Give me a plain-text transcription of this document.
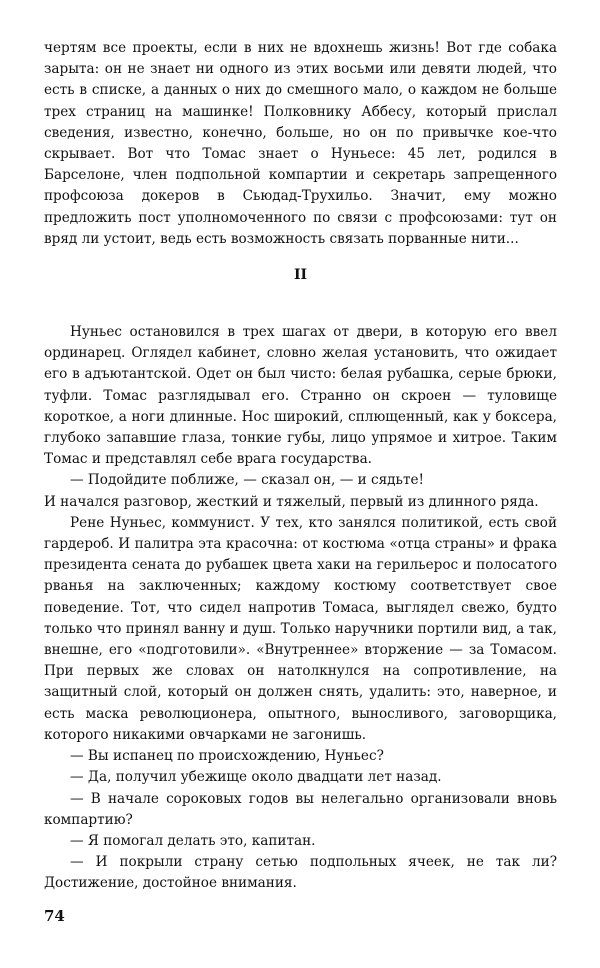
чертям все проекты, если в них не вдохнешь жизнь! Вот где собака зарыта: он не знает ни одного из этих восьми или девяти людей, что есть в списке, а данных о них до смешного мало, о каждом не больше трех страниц на машинке! Полковнику Аббесу, который прислал сведения, известно, конечно, больше, но он по привычке кое-что скрывает. Вот что Томас знает о Нуньесе: 45 лет, родился в Барселоне, член подпольной компартии и секретарь запрещенного профсоюза докеров в Сьюдад-Трухильо. Значит, ему можно предложить пост уполномоченного по связи с профсоюзами: тут он вряд ли устоит, ведь есть возможность связать порванные нити...

II

Нуньес остановился в трех шагах от двери, в которую его ввел ординарец. Оглядел кабинет, словно желая установить, что ожидает его в адъютантской. Одет он был чисто: белая рубашка, серые брюки, туфли. Томас разглядывал его. Странно он скроен — туловище короткое, а ноги длинные. Нос широкий, сплющенный, как у боксера, глубоко запавшие глаза, тонкие губы, лицо упрямое и хитрое. Таким Томас и представлял себе врага государства.

— Подойдите поближе, — сказал он, — и сядьте!

И начался разговор, жесткий и тяжелый, первый из длинного ряда.

Рене Нуньес, коммунист. У тех, кто занялся политикой, есть свой гардероб. И палитра эта красочна: от костюма «отца страны» и фрака президента сената до рубашек цвета хаки на герильерос и полосатого рванья на заключенных; каждому костюму соответствует свое поведение. Тот, что сидел напротив Томаса, выглядел свежо, будто только что принял ванну и душ. Только наручники портили вид, а так, внешне, его «подготовили». «Внутреннее» вторжение — за Томасом. При первых же словах он натолкнулся на сопротивление, на защитный слой, который он должен снять, удалить: это, наверное, и есть маска революционера, опытного, выносливого, заговорщика, которого никакими овчарками не загонишь.

— Вы испанец по происхождению, Нуньес?

— Да, получил убежище около двадцати лет назад.

— В начале сороковых годов вы нелегально организовали вновь компартию?

— Я помогал делать это, капитан.

— И покрыли страну сетью подпольных ячеек, не так ли? Достижение, достойное внимания.

74
